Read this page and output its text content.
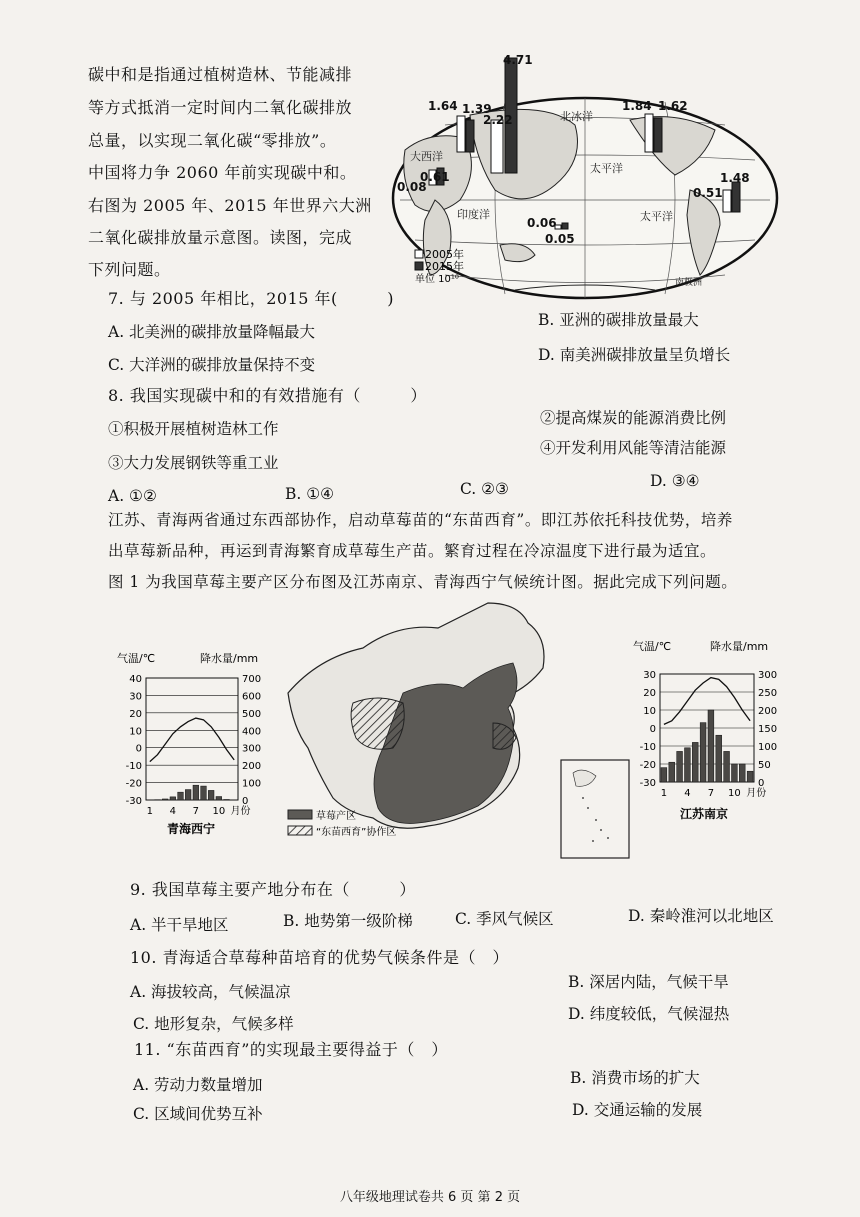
碳中和是指通过植树造林、节能减排
等方式抵消一定时间内二氧化碳排放
总量，以实现二氧化碳“零排放”。
中国将力争 2060 年前实现碳中和。
右图为 2005 年、2015 年世界六大洲
二氧化碳排放量示意图。读图，完成
下列问题。
4.71
1.64 1.39
2.22
1.84 1.62
0.61
0.08
1.48
0.51
0.06
0.05
北冰洋
大西洋
太平洋
印度洋	太平洋
南极洲
2005年
2015年
单位 10¹⁰
7. 与 2005 年相比，2015 年(　　　)
A. 北美洲的碳排放量降幅最大
B. 亚洲的碳排放量最大
C. 大洋洲的碳排放量保持不变
D. 南美洲碳排放量呈负增长
8. 我国实现碳中和的有效措施有（　　　）
①积极开展植树造林工作
②提高煤炭的能源消费比例
③大力发展钢铁等重工业
④开发利用风能等清洁能源
A. ①②	B. ①④	C. ②③	D. ③④
江苏、青海两省通过东西部协作，启动草莓苗的“东苗西育”。即江苏依托科技优势，培养
出草莓新品种，再运到青海繁育成草莓生产苗。繁育过程在冷凉温度下进行最为适宜。
图 1 为我国草莓主要产区分布图及江苏南京、青海西宁气候统计图。据此完成下列问题。
气温/℃	降水量/mm
40
30
20
10
0
-10
-20
-30
700
600
500
400
300
200
100
0
1 4 7 10 月份
青海西宁
草莓产区
“东苗西育”协作区
气温/℃	降水量/mm
30
20
10
0
-10
-20
-30
300
250
200
150
100
50
0
1 4 7 10 月份
江苏南京
9. 我国草莓主要产地分布在（　　　）
A. 半干旱地区	B. 地势第一级阶梯	C. 季风气候区	D. 秦岭淮河以北地区
10. 青海适合草莓种苗培育的优势气候条件是（　）
A. 海拔较高，气候温凉
B. 深居内陆，气候干旱
C. 地形复杂，气候多样
D. 纬度较低，气候湿热
11. “东苗西育”的实现最主要得益于（　）
A. 劳动力数量增加	B. 消费市场的扩大
C. 区域间优势互补	D. 交通运输的发展
八年级地理试卷共 6 页 第 2 页
